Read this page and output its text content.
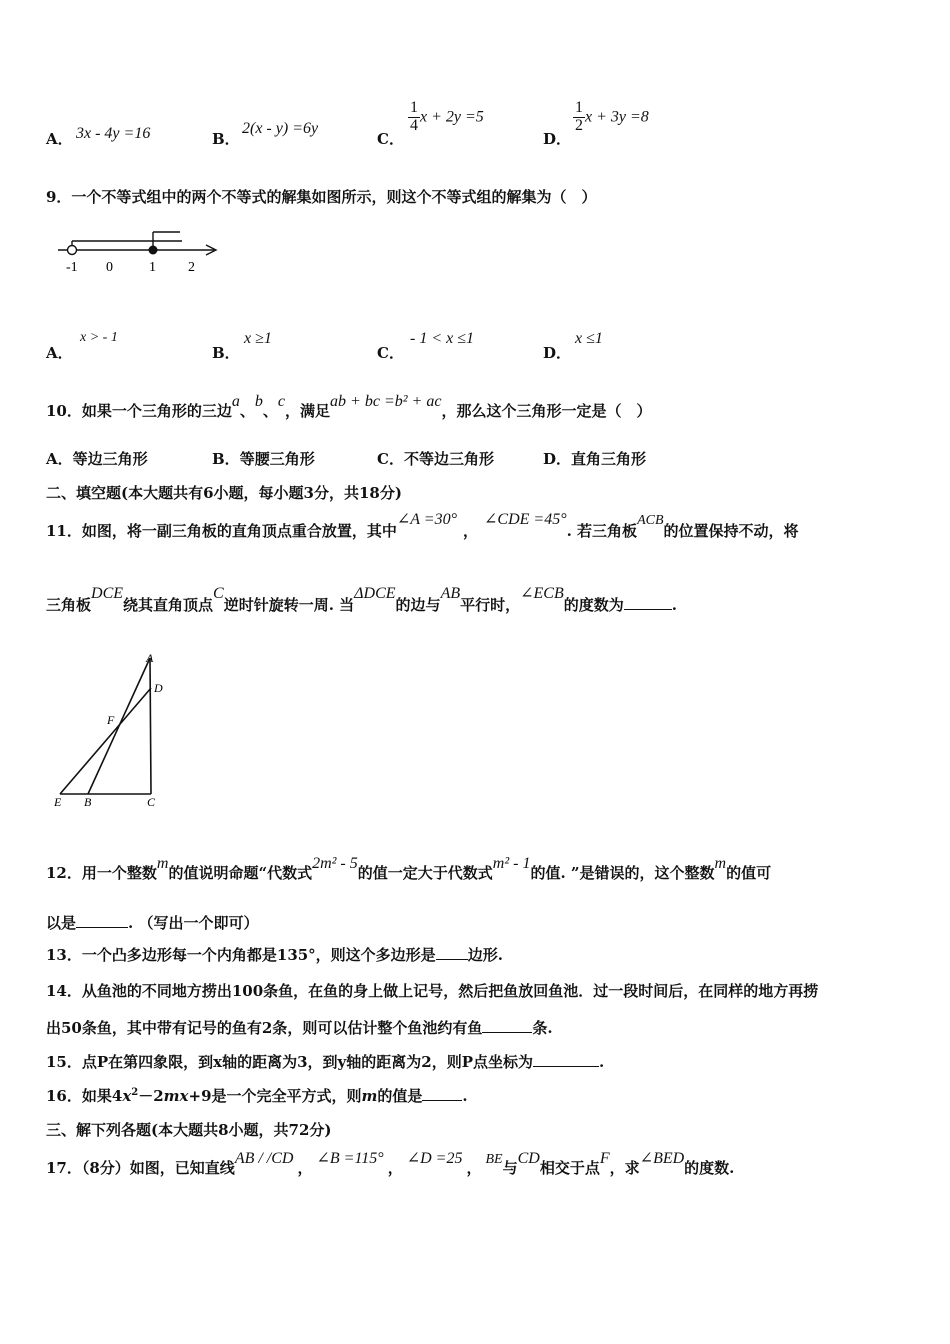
A． 3x - 4y =16	B．
2(x - y) =6y
C．
$\frac{1}{4}$ x + 2y =5
D．
$\frac{1}{2}$ x + 3y =8
9．一个不等式组中的两个不等式的解集如图所示，则这个不等式组的解集为（　）
-1 0	1 2
A．
x > - 1
B．
x ≥1
C．
- 1 < x ≤1
D．
x ≤1
10．如果一个三角形的三边a、b、c，满足ab + bc =b² + ac，那么这个三角形一定是（　）
A．等边三角形	B．等腰三角形	C．不等边三角形	D．直角三角形
二、填空题(本大题共有6小题，每小题3分，共18分)
11．如图，将一副三角板的直角顶点重合放置，其中∠A =30°，∠CDE =45°. 若三角板ACB的位置保持不动，将
三角板DCE绕其直角顶点C逆时针旋转一周. 当ΔDCE的边与AB平行时，∠ECB的度数为	.
A
D
F
E B	C
12．用一个整数m的值说明命题“代数式2m² - 5的值一定大于代数式m² - 1的值. ”是错误的，这个整数m的值可
以是	. （写出一个即可）
13．一个凸多边形每一个内角都是135°，则这个多边形是 边形.
14．从鱼池的不同地方捞出100条鱼，在鱼的身上做上记号，然后把鱼放回鱼池．过一段时间后，在同样的地方再捞
出50条鱼，其中带有记号的鱼有2条，则可以估计整个鱼池约有鱼	条.
15．点P在第四象限，到x轴的距离为3，到y轴的距离为2，则P点坐标为	.
16．如果$4x^2-2mx+9$是一个完全平方式，则m的值是	.
三、解下列各题(本大题共8小题，共72分)
17．（8分）如图，已知直线AB / /CD，∠B =115°，∠D =25， BE与CD相交于点F，求∠BED的度数.
